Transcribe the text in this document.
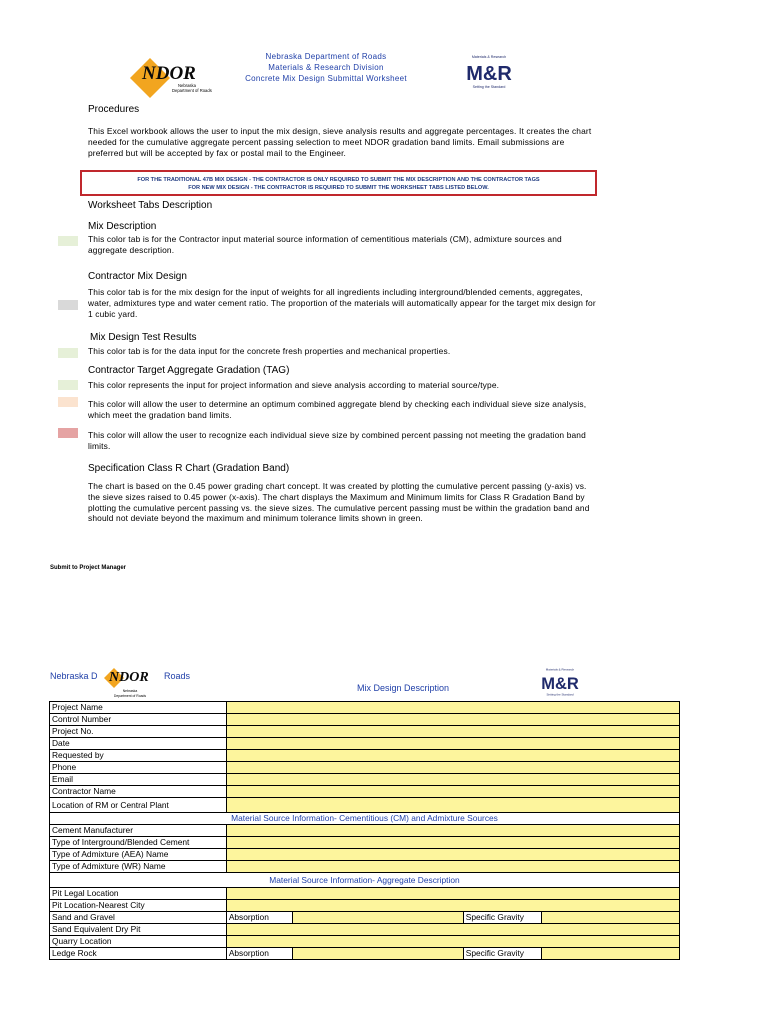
NDOR
Nebraska
Department of Roads
Nebraska Department of Roads
Materials & Research Division
Concrete Mix Design Submittal Worksheet
Materials & Research
M&R
Setting the Standard
Procedures
This Excel workbook allows the user to input the mix design, sieve analysis results and aggregate percentages. It creates the chart needed for the cumulative aggregate percent passing selection to meet NDOR gradation band limits. Email submissions are preferred but will be accepted by fax or postal mail to the Engineer.
FOR THE TRADITIONAL 47B MIX DESIGN - THE CONTRACTOR IS ONLY REQUIRED TO SUBMIT THE MIX DESCRIPTION AND THE CONTRACTOR TAGS
FOR NEW MIX DESIGN - THE CONTRACTOR IS REQUIRED TO SUBMIT THE WORKSHEET TABS LISTED BELOW.
Worksheet Tabs Description
Mix Description
This color tab is for the Contractor input material source information of cementitious materials (CM), admixture sources and aggregate description.
Contractor Mix Design
This color tab is for the mix design for the input of weights for all ingredients including interground/blended cements, aggregates, water, admixtures type and water cement ratio. The proportion of the materials will automatically appear for the target mix design for 1 cubic yard.
Mix Design Test Results
This color tab is for the data input for the concrete fresh properties and mechanical properties.
Contractor Target Aggregate Gradation (TAG)
This color represents the input for project information and sieve analysis according to material source/type.
This color will allow the user to determine an optimum combined aggregate blend by checking each individual sieve size analysis, which meet the gradation band limits.
This color will allow the user to recognize each individual sieve size by combined percent passing not meeting the gradation band limits.
Specification Class R Chart (Gradation Band)
The chart is based on the 0.45 power grading chart concept. It was created by plotting the cumulative percent passing (y-axis) vs. the sieve sizes raised to 0.45 power (x-axis). The chart displays the Maximum and Minimum limits for Class R Gradation Band by plotting the cumulative percent passing vs. the sieve sizes. The cumulative percent passing must be within the gradation band and should not deviate beyond the maximum and minimum tolerance limits shown in green.
Submit to Project Manager
Nebraska D NDOR
Nebraska
Department of Roads
Roads
Mix Design Description
Materials & Research
M&R
Setting the Standard
Project Name				
Control Number				
Project No.				
Date				
Requested by				
Phone				
Email				
Contractor Name				
Location of RM or Central Plant				
Material Source Information- Cementitious (CM) and Admixture Sources				
Cement Manufacturer				
Type of Interground/Blended Cement				
Type of Admixture (AEA) Name				
Type of Admixture (WR) Name				
Material Source Information- Aggregate Description				
Pit Legal Location				
Pit Location-Nearest City				
Sand and Gravel	Absorption		Specific Gravity	
Sand Equivalent Dry Pit				
Quarry Location				
Ledge Rock	Absorption		Specific Gravity	
